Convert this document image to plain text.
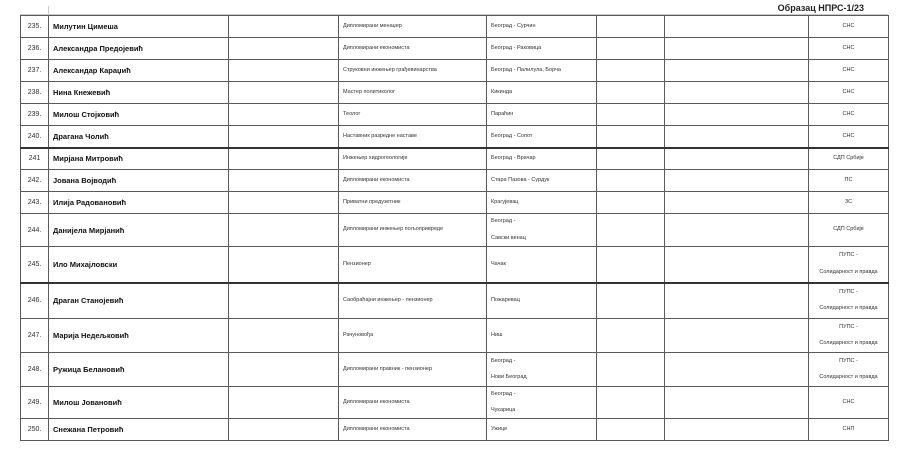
Образац НПРС-1/23
235.	Милутин Цимеша		Дипломирани менаџер	Београд - Сурчин			СНС

236.	Александра Предојевић		Дипломирани економиста	Београд - Раковица			СНС

237.	Александар Караџић		Струковни инжењер грађевинарства	Београд - Палилула, Борча			СНС

238.	Нина Кнежевић		Мастер политиколог	Кикинда			СНС

239.	Милош Стојковић		Теолог	Параћин			СНС

240.	Драгана Чолић		Наставник разредне наставе	Београд - Сопот			СНС

241	Мирјана Митровић		Инжењер хидрогеологије	Београд - Врачар			СДП Србије

242.	Јована Војводић		Дипломирани економиста	Стара Пазова - Сурдук			ПС

243.	Илија Радовановић		Приватни предузетник	Крагујевац			ЗС

244.	Данијела Мирјанић		Дипломирани инжењер пољопривреде	Београд -
Савски венац			СДП Србије

245.	Ило Михајловски		Пензионер	Чачак			ПУПС -
Солидарност и правда

246.	Драган Станојевић		Саобраћајни инжењер - пензионер	Пожаревац			ПУПС -
Солидарност и правда

247.	Марија Недељковић		Рачуновођа	Ниш			ПУПС -
Солидарност и правда

248.	Ружица Белановић		Дипломирани правник - пензионер	Београд -
Нови Београд			ПУПС -
Солидарност и правда

249.	Милош Јовановић		Дипломирани економиста	Београд -
Чукарица			СНС

250.	Снежана Петровић		Дипломирани економиста	Ужице			СНП
